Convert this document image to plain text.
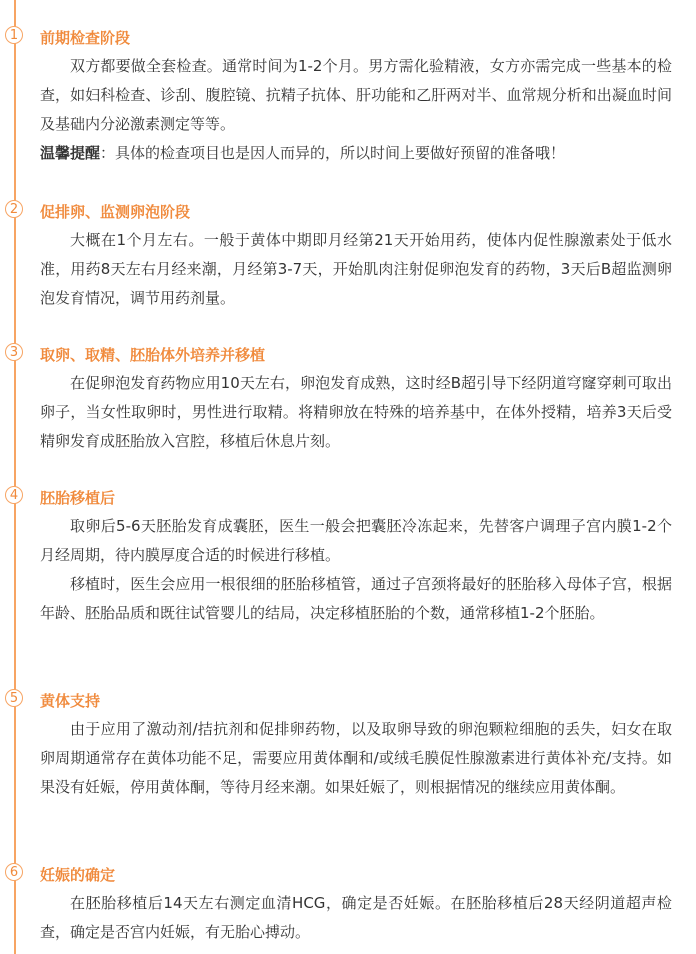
1	前期检查阶段

双方都要做全套检查。通常时间为1-2个月。男方需化验精液，女方亦需完成一些基本的检查，如妇科检查、诊刮、腹腔镜、抗精子抗体、肝功能和乙肝两对半、血常规分析和出凝血时间及基础内分泌激素测定等等。

温馨提醒：具体的检查项目也是因人而异的，所以时间上要做好预留的准备哦！

2	促排卵、监测卵泡阶段

大概在1个月左右。一般于黄体中期即月经第21天开始用药，使体内促性腺激素处于低水准，用药8天左右月经来潮，月经第3-7天，开始肌肉注射促卵泡发育的药物，3天后B超监测卵泡发育情况，调节用药剂量。

3	取卵、取精、胚胎体外培养并移植

在促卵泡发育药物应用10天左右，卵泡发育成熟，这时经B超引导下经阴道穹窿穿刺可取出卵子，当女性取卵时，男性进行取精。将精卵放在特殊的培养基中，在体外授精，培养3天后受精卵发育成胚胎放入宫腔，移植后休息片刻。

4	胚胎移植后

取卵后5-6天胚胎发育成囊胚，医生一般会把囊胚冷冻起来，先替客户调理子宫内膜1-2个月经周期，待内膜厚度合适的时候进行移植。

移植时，医生会应用一根很细的胚胎移植管，通过子宫颈将最好的胚胎移入母体子宫，根据年龄、胚胎品质和既往试管婴儿的结局，决定移植胚胎的个数，通常移植1-2个胚胎。

5	黄体支持

由于应用了激动剂/拮抗剂和促排卵药物，以及取卵导致的卵泡颗粒细胞的丢失，妇女在取卵周期通常存在黄体功能不足，需要应用黄体酮和/或绒毛膜促性腺激素进行黄体补充/支持。如果没有妊娠，停用黄体酮，等待月经来潮。如果妊娠了，则根据情况的继续应用黄体酮。

6	妊娠的确定

在胚胎移植后14天左右测定血清HCG，确定是否妊娠。在胚胎移植后28天经阴道超声检查，确定是否宫内妊娠，有无胎心搏动。
